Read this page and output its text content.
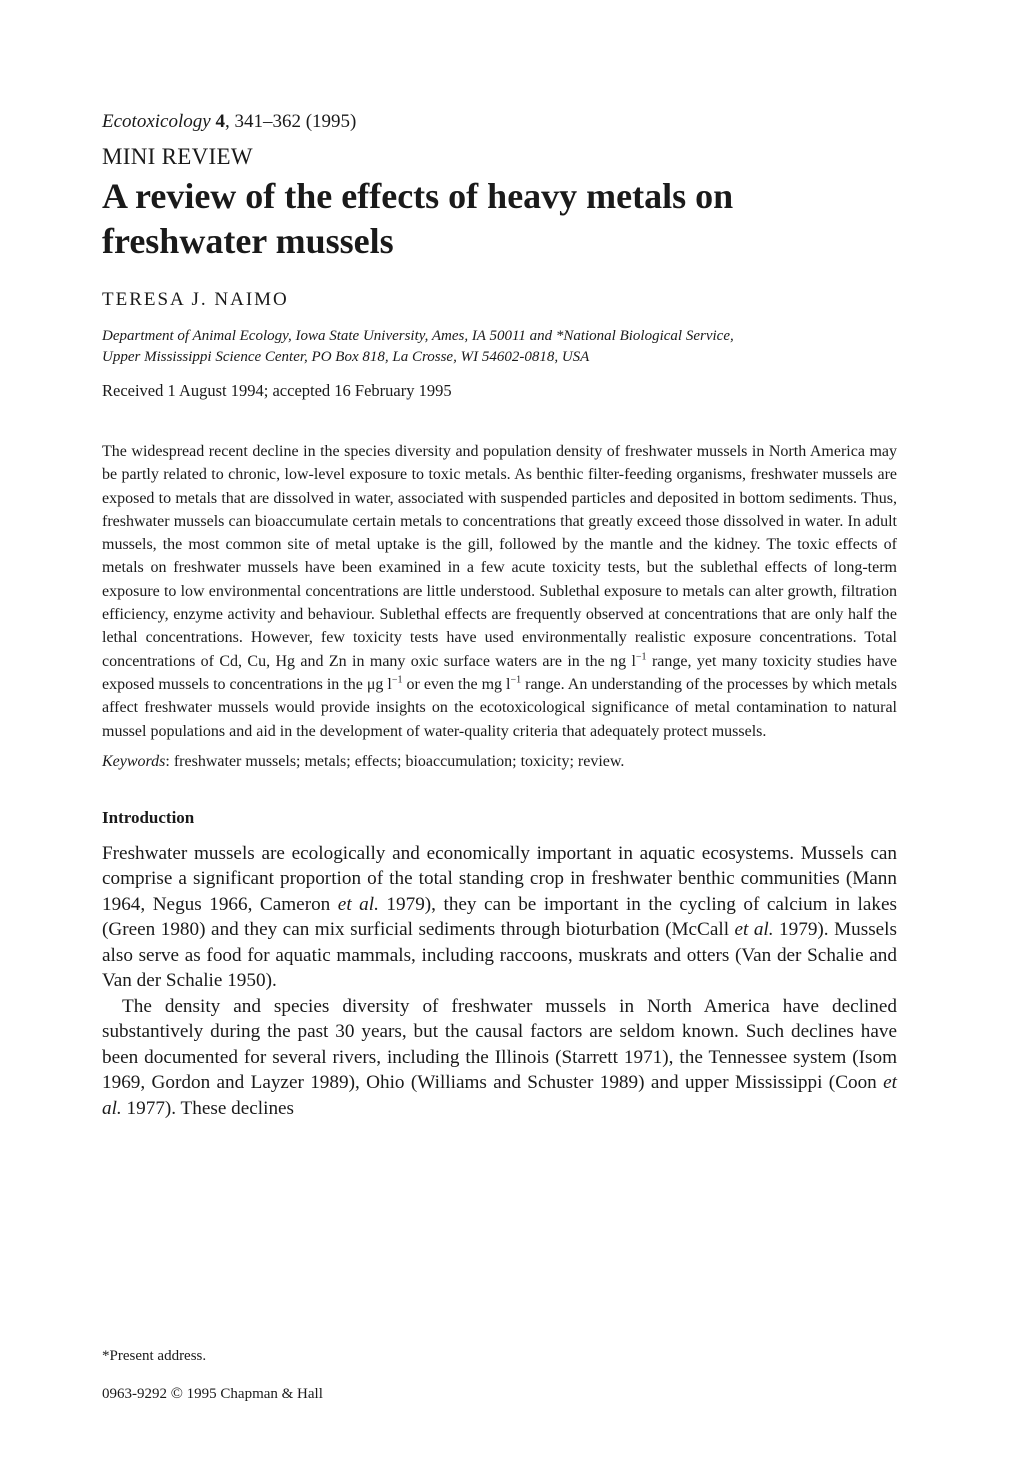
Ecotoxicology 4, 341–362 (1995)

MINI REVIEW

A review of the effects of heavy metals on freshwater mussels

TERESA J. NAIMO

Department of Animal Ecology, Iowa State University, Ames, IA 50011 and *National Biological Service,
Upper Mississippi Science Center, PO Box 818, La Crosse, WI 54602-0818, USA

Received 1 August 1994; accepted 16 February 1995

The widespread recent decline in the species diversity and population density of freshwater mussels in North America may be partly related to chronic, low-level exposure to toxic metals. As benthic filter-feeding organisms, freshwater mussels are exposed to metals that are dissolved in water, associated with suspended particles and deposited in bottom sediments. Thus, freshwater mussels can bioaccumulate certain metals to concentrations that greatly exceed those dissolved in water. In adult mussels, the most common site of metal uptake is the gill, followed by the mantle and the kidney. The toxic effects of metals on freshwater mussels have been examined in a few acute toxicity tests, but the sublethal effects of long-term exposure to low environmental concentrations are little understood. Sublethal exposure to metals can alter growth, filtration efficiency, enzyme activity and behaviour. Sublethal effects are frequently observed at concentrations that are only half the lethal concentrations. However, few toxicity tests have used environmentally realistic exposure concentrations. Total concentrations of Cd, Cu, Hg and Zn in many oxic surface waters are in the ng $l^{-1}$ range, yet many toxicity studies have exposed mussels to concentrations in the μg $l^{-1}$ or even the mg $l^{-1}$ range. An understanding of the processes by which metals affect freshwater mussels would provide insights on the ecotoxicological significance of metal contamination to natural mussel populations and aid in the development of water-quality criteria that adequately protect mussels.

Keywords: freshwater mussels; metals; effects; bioaccumulation; toxicity; review.

Introduction

Freshwater mussels are ecologically and economically important in aquatic ecosystems. Mussels can comprise a significant proportion of the total standing crop in freshwater benthic communities (Mann 1964, Negus 1966, Cameron et al. 1979), they can be important in the cycling of calcium in lakes (Green 1980) and they can mix surficial sediments through bioturbation (McCall et al. 1979). Mussels also serve as food for aquatic mammals, including raccoons, muskrats and otters (Van der Schalie and Van der Schalie 1950).

The density and species diversity of freshwater mussels in North America have declined substantively during the past 30 years, but the causal factors are seldom known. Such declines have been documented for several rivers, including the Illinois (Starrett 1971), the Tennessee system (Isom 1969, Gordon and Layzer 1989), Ohio (Williams and Schuster 1989) and upper Mississippi (Coon et al. 1977). These declines

*Present address.

0963-9292 © 1995 Chapman & Hall
